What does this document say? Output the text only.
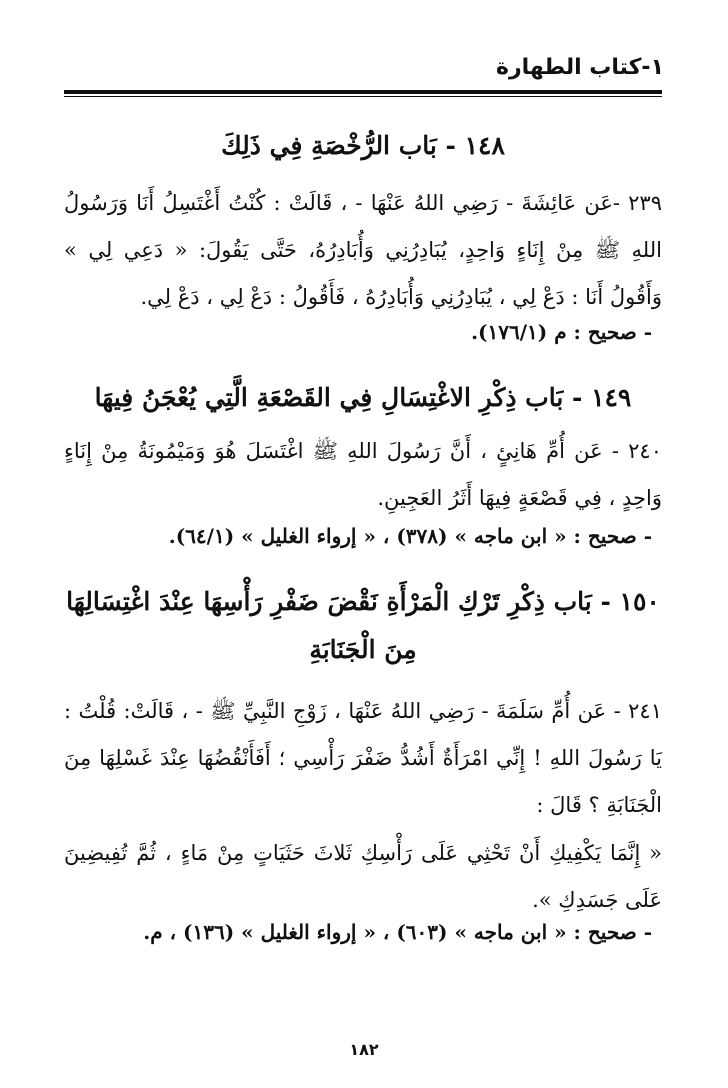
١-كتاب الطهارة
١٤٨ - بَاب الرُّخْصَةِ فِي ذَلِكَ
٢٣٩ -عَن عَائِشَةَ - رَضِي اللهُ عَنْهَا - ، قَالَتْ : كُنْتُ أَغْتَسِلُ أَنَا وَرَسُولُ اللهِ ﷺ مِنْ إِنَاءٍ وَاحِدٍ، يُبَادِرُنِي وَأُبَادِرُهُ، حَتَّى يَقُولَ: « دَعِي لِي » وَأَقُولُ أَنَا : دَعْ لِي ، يُبَادِرُنِي وَأُبَادِرُهُ ، فَأَقُولُ : دَعْ لِي ، دَعْ لِي.
- صحيح : م (١٧٦/١).
١٤٩ - بَاب ذِكْرِ الاغْتِسَالِ فِي القَصْعَةِ الَّتِي يُعْجَنُ فِيهَا
٢٤٠ - عَن أُمِّ هَانِئٍ ، أَنَّ رَسُولَ اللهِ ﷺ اغْتَسَلَ هُوَ وَمَيْمُونَةُ مِنْ إِنَاءٍ وَاحِدٍ ، فِي قَصْعَةٍ فِيهَا أَثَرُ العَجِينِ.
- صحيح : « ابن ماجه » (٣٧٨) ، « إرواء الغليل » (٦٤/١).
١٥٠ - بَاب ذِكْرِ تَرْكِ الْمَرْأَةِ نَقْضَ ضَفْرِ رَأْسِهَا عِنْدَ اغْتِسَالِهَا مِنَ الْجَنَابَةِ
٢٤١ - عَن أُمِّ سَلَمَةَ - رَضِي اللهُ عَنْهَا ، زَوْجِ النَّبِيِّ ﷺ - ، قَالَتْ: قُلْتُ : يَا رَسُولَ اللهِ ! إِنِّي امْرَأَةٌ أَشُدُّ ضَفْرَ رَأْسِي ؛ أَفَأَنْقُضُهَا عِنْدَ غَسْلِهَا مِنَ الْجَنَابَةِ ؟ قَالَ :
« إِنَّمَا يَكْفِيكِ أَنْ تَحْثِي عَلَى رَأْسِكِ ثَلاثَ حَثَيَاتٍ مِنْ مَاءٍ ، ثُمَّ تُفِيضِينَ عَلَى جَسَدِكِ ».
- صحيح : « ابن ماجه » (٦٠٣) ، « إرواء الغليل » (١٣٦) ، م.
١٨٢
